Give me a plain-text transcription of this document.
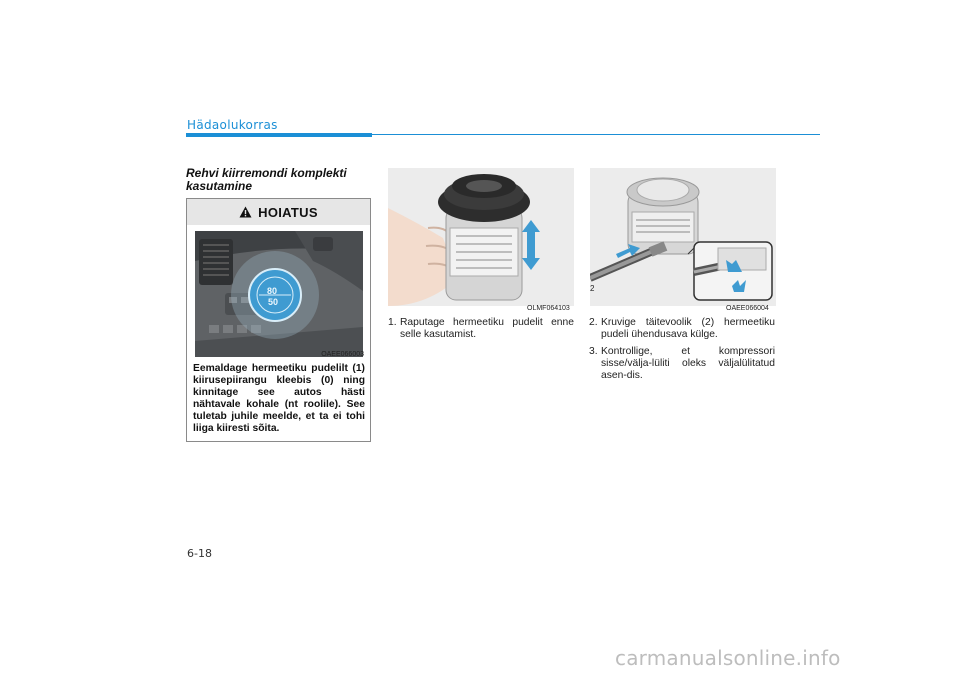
Hädaolukorras
Rehvi kiirremondi komplekti kasutamine
HOIATUS
80
50
OAEE066003
Eemaldage hermeetiku pudelilt (1) kiirusepiirangu kleebis (0) ning kinnitage see autos hästi nähtavale kohale (nt roolile). See tuletab juhile meelde, et ta ei tohi liiga kiiresti sõita.
OLMF064103
2
OAEE066004
1. Raputage hermeetiku pudelit enne selle kasutamist.
2. Kruvige täitevoolik (2) hermeetiku pudeli ühendusava külge.
3. Kontrollige, et kompressori sisse/välja-lüliti oleks väljalülitatud asen-dis.
6-18
carmanualsonline.info
